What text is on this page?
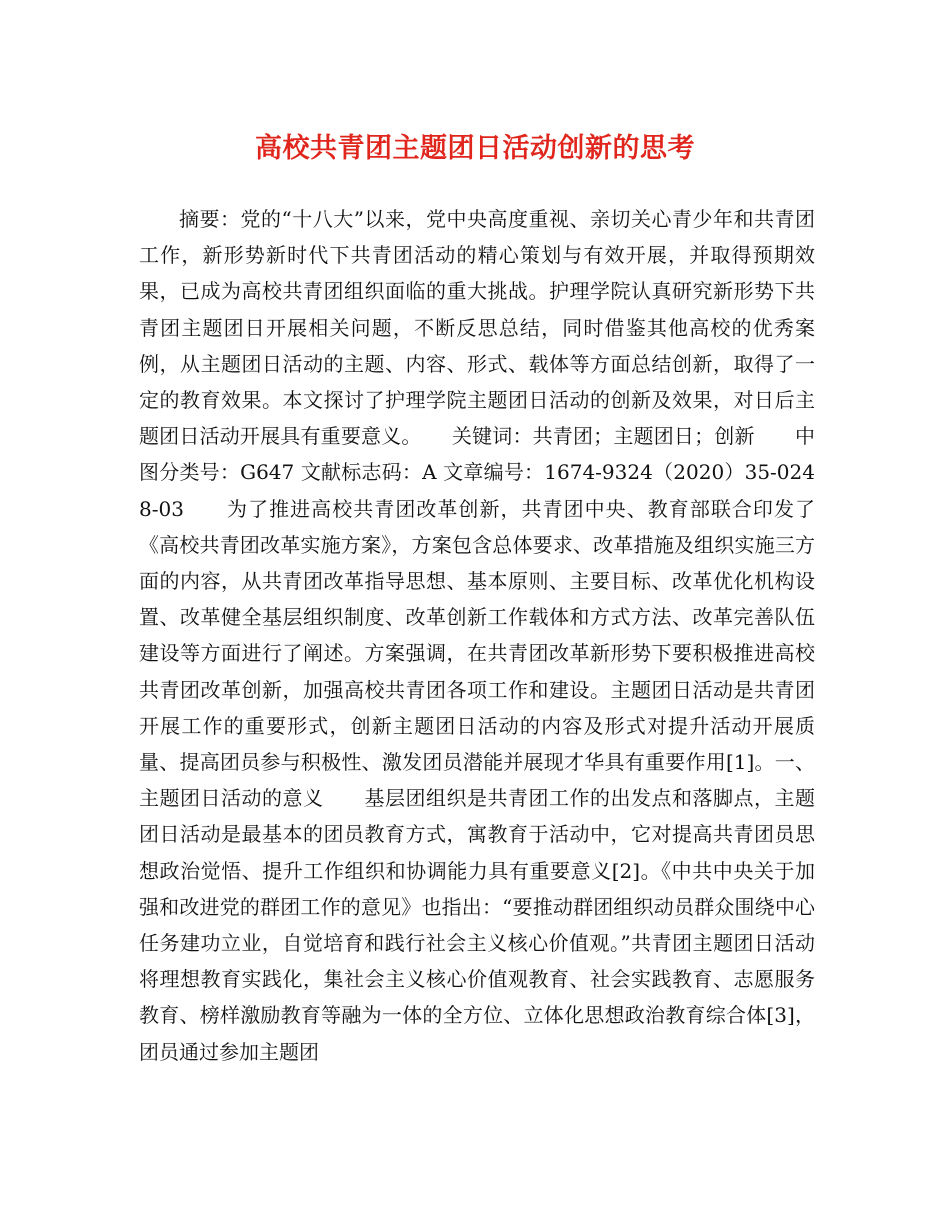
高校共青团主题团日活动创新的思考

摘要：党的“十八大”以来，党中央高度重视、亲切关心青少年和共青团工作，新形势新时代下共青团活动的精心策划与有效开展，并取得预期效果，已成为高校共青团组织面临的重大挑战。护理学院认真研究新形势下共青团主题团日开展相关问题，不断反思总结，同时借鉴其他高校的优秀案例，从主题团日活动的主题、内容、形式、载体等方面总结创新，取得了一定的教育效果。本文探讨了护理学院主题团日活动的创新及效果，对日后主题团日活动开展具有重要意义。　　关键词：共青团；主题团日；创新　　中图分类号：G647 文献标志码：A 文章编号：1674-9324（2020）35-0248-03　　为了推进高校共青团改革创新，共青团中央、教育部联合印发了《高校共青团改革实施方案》，方案包含总体要求、改革措施及组织实施三方面的内容，从共青团改革指导思想、基本原则、主要目标、改革优化机构设置、改革健全基层组织制度、改革创新工作载体和方式方法、改革完善队伍建设等方面进行了阐述。方案强调，在共青团改革新形势下要积极推进高校共青团改革创新，加强高校共青团各项工作和建设。主题团日活动是共青团开展工作的重要形式，创新主题团日活动的内容及形式对提升活动开展质量、提高团员参与积极性、激发团员潜能并展现才华具有重要作用[1]。一、主题团日活动的意义　　基层团组织是共青团工作的出发点和落脚点，主题团日活动是最基本的团员教育方式，寓教育于活动中，它对提高共青团员思想政治觉悟、提升工作组织和协调能力具有重要意义[2]。《中共中央关于加强和改进党的群团工作的意见》也指出：“要推动群团组织动员群众围绕中心任务建功立业，自觉培育和践行社会主义核心价值观。”共青团主题团日活动将理想教育实践化，集社会主义核心价值观教育、社会实践教育、志愿服务教育、榜样激励教育等融为一体的全方位、立体化思想政治教育综合体[3]，团员通过参加主题团
